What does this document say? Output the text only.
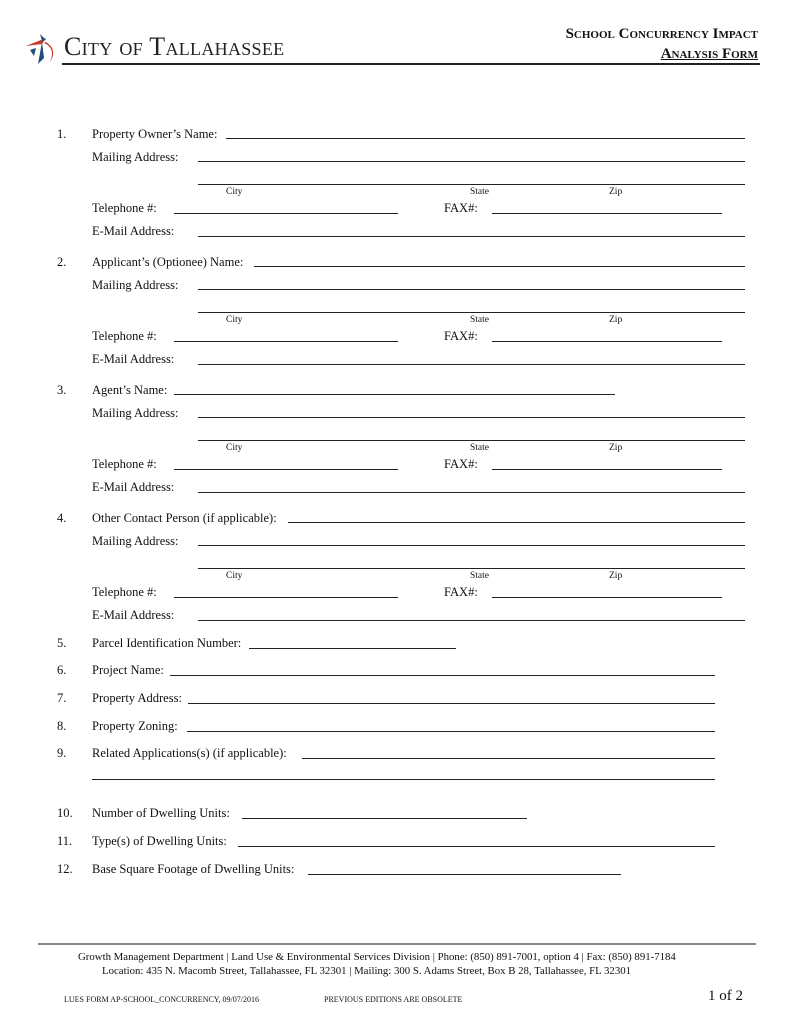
City of Tallahassee	School Concurrency Impact
Analysis Form
1. Property Owner’s Name:
Mailing Address:
City	State	Zip
Telephone #:	FAX#:
E-Mail Address:
2. Applicant’s (Optionee) Name:
Mailing Address:
City	State	Zip
Telephone #:	FAX#:
E-Mail Address:
3. Agent’s Name:
Mailing Address:
City	State	Zip
Telephone #:	FAX#:
E-Mail Address:
4. Other Contact Person (if applicable):
Mailing Address:
City	State	Zip
Telephone #:	FAX#:
E-Mail Address:
5. Parcel Identification Number:
6. Project Name:
7. Property Address:
8. Property Zoning:
9. Related Applications(s) (if applicable):
10. Number of Dwelling Units:
11. Type(s) of Dwelling Units:
12. Base Square Footage of Dwelling Units:
Growth Management Department | Land Use & Environmental Services Division | Phone: (850) 891-7001, option 4 | Fax: (850) 891-7184
Location: 435 N. Macomb Street, Tallahassee, FL 32301 | Mailing: 300 S. Adams Street, Box B 28, Tallahassee, FL 32301
LUES FORM AP-SCHOOL_CONCURRENCY, 09/07/2016	PREVIOUS EDITIONS ARE OBSOLETE	1 of 2
